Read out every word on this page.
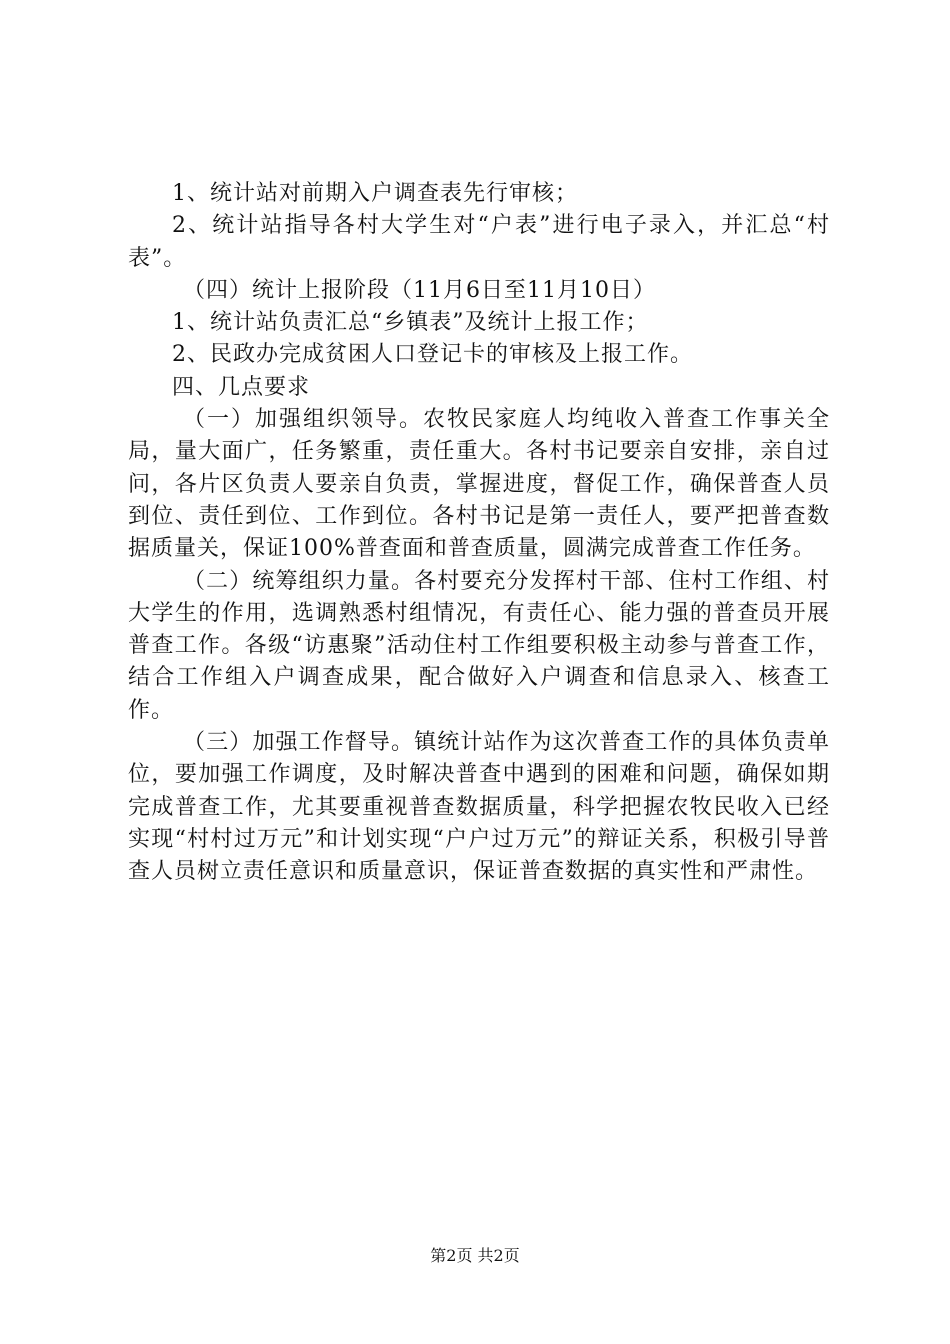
1、统计站对前期入户调查表先行审核；

2、统计站指导各村大学生对“户表”进行电子录入，并汇总“村表”。

（四）统计上报阶段（11月6日至11月10日）

1、统计站负责汇总“乡镇表”及统计上报工作；

2、民政办完成贫困人口登记卡的审核及上报工作。

四、几点要求

（一）加强组织领导。农牧民家庭人均纯收入普查工作事关全局，量大面广，任务繁重，责任重大。各村书记要亲自安排，亲自过问，各片区负责人要亲自负责，掌握进度，督促工作，确保普查人员到位、责任到位、工作到位。各村书记是第一责任人，要严把普查数据质量关，保证100%普查面和普查质量，圆满完成普查工作任务。

（二）统筹组织力量。各村要充分发挥村干部、住村工作组、村大学生的作用，选调熟悉村组情况，有责任心、能力强的普查员开展普查工作。各级“访惠聚”活动住村工作组要积极主动参与普查工作，结合工作组入户调查成果，配合做好入户调查和信息录入、核查工作。

（三）加强工作督导。镇统计站作为这次普查工作的具体负责单位，要加强工作调度，及时解决普查中遇到的困难和问题，确保如期完成普查工作，尤其要重视普查数据质量，科学把握农牧民收入已经实现“村村过万元”和计划实现“户户过万元”的辩证关系，积极引导普查人员树立责任意识和质量意识，保证普查数据的真实性和严肃性。

第2页 共2页
